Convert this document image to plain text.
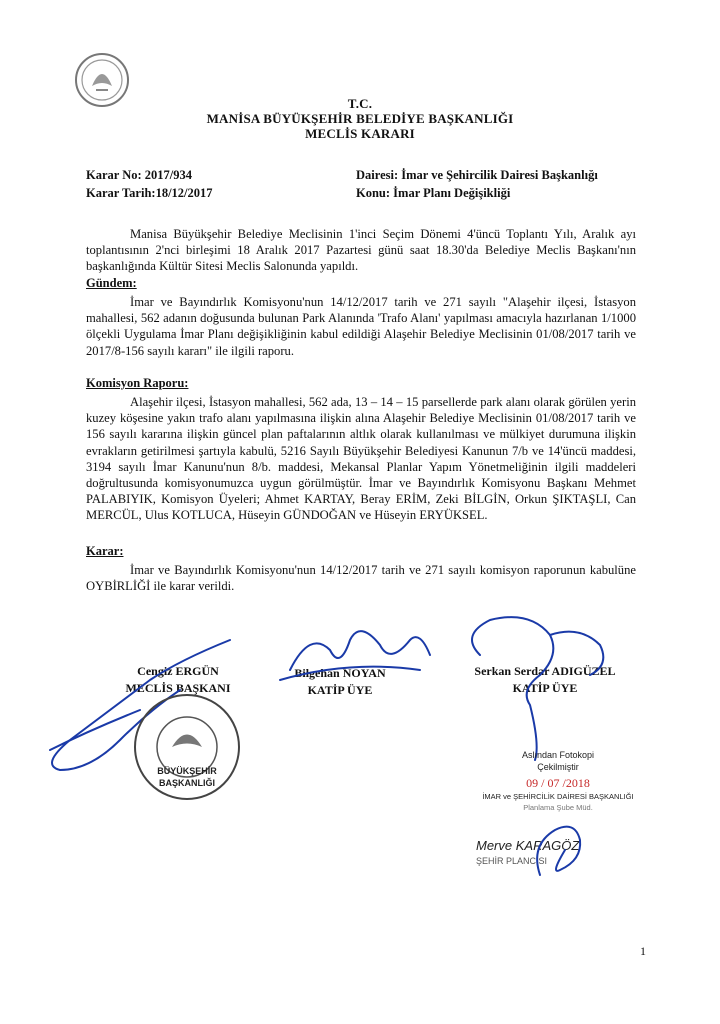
T.C.
MANİSA BÜYÜKŞEHİR BELEDİYE BAŞKANLIĞI
MECLİS KARARI
Karar No: 2017/934
Karar Tarih:18/12/2017
Dairesi: İmar ve Şehircilik Dairesi Başkanlığı
Konu: İmar Planı Değişikliği
Manisa Büyükşehir Belediye Meclisinin 1'inci Seçim Dönemi 4'üncü Toplantı Yılı, Aralık ayı toplantısının 2'nci birleşimi 18 Aralık 2017 Pazartesi günü saat 18.30'da Belediye Meclis Başkanı'nın başkanlığında Kültür Sitesi Meclis Salonunda yapıldı.
Gündem:
İmar ve Bayındırlık Komisyonu'nun 14/12/2017 tarih ve 271 sayılı "Alaşehir ilçesi, İstasyon mahallesi, 562 adanın doğusunda bulunan Park Alanında 'Trafo Alanı' yapılması amacıyla hazırlanan 1/1000 ölçekli Uygulama İmar Planı değişikliğinin kabul edildiği Alaşehir Belediye Meclisinin 01/08/2017 tarih ve 2017/8-156 sayılı kararı" ile ilgili raporu.
Komisyon Raporu:
Alaşehir ilçesi, İstasyon mahallesi, 562 ada, 13 – 14 – 15 parsellerde park alanı olarak görülen yerin kuzey köşesine yakın trafo alanı yapılmasına ilişkin alına Alaşehir Belediye Meclisinin 01/08/2017 tarih ve 156 sayılı kararına ilişkin güncel plan paftalarının altlık olarak kullanılması ve mülkiyet durumuna ilişkin evrakların getirilmesi şartıyla kabulü, 5216 Sayılı Büyükşehir Belediyesi Kanunun 7/b ve 14'üncü maddesi, 3194 sayılı İmar Kanunu'nun 8/b. maddesi, Mekansal Planlar Yapım Yönetmeliğinin ilgili maddeleri doğrultusunda komisyonumuzca uygun görülmüştür. İmar ve Bayındırlık Komisyonu Başkanı Mehmet PALABIYIK, Komisyon Üyeleri; Ahmet KARTAY, Beray ERİM, Zeki BİLGİN, Orkun ŞIKTAŞLI, Can MERCÜL, Ulus KOTLUCA, Hüseyin GÜNDOĞAN ve Hüseyin ERYÜKSEL.
Karar:
İmar ve Bayındırlık Komisyonu'nun 14/12/2017 tarih ve 271 sayılı komisyon raporunun kabulüne OYBİRLİĞİ ile karar verildi.
Cengiz ERGÜN
MECLİS BAŞKANI
Bilgehan NOYAN
KATİP ÜYE
Serkan Serdar ADIGÜZEL
KATİP ÜYE
BÜYÜKŞEHİR
BAŞKANLIĞI
Aslından Fotokopi
Çekilmiştir
09 / 07 /2018
İMAR ve ŞEHİRCİLİK DAİRESİ BAŞKANLIĞI
Planlama Şube Müd.
Merve KARAGÖZ
ŞEHİR PLANCISI
1
